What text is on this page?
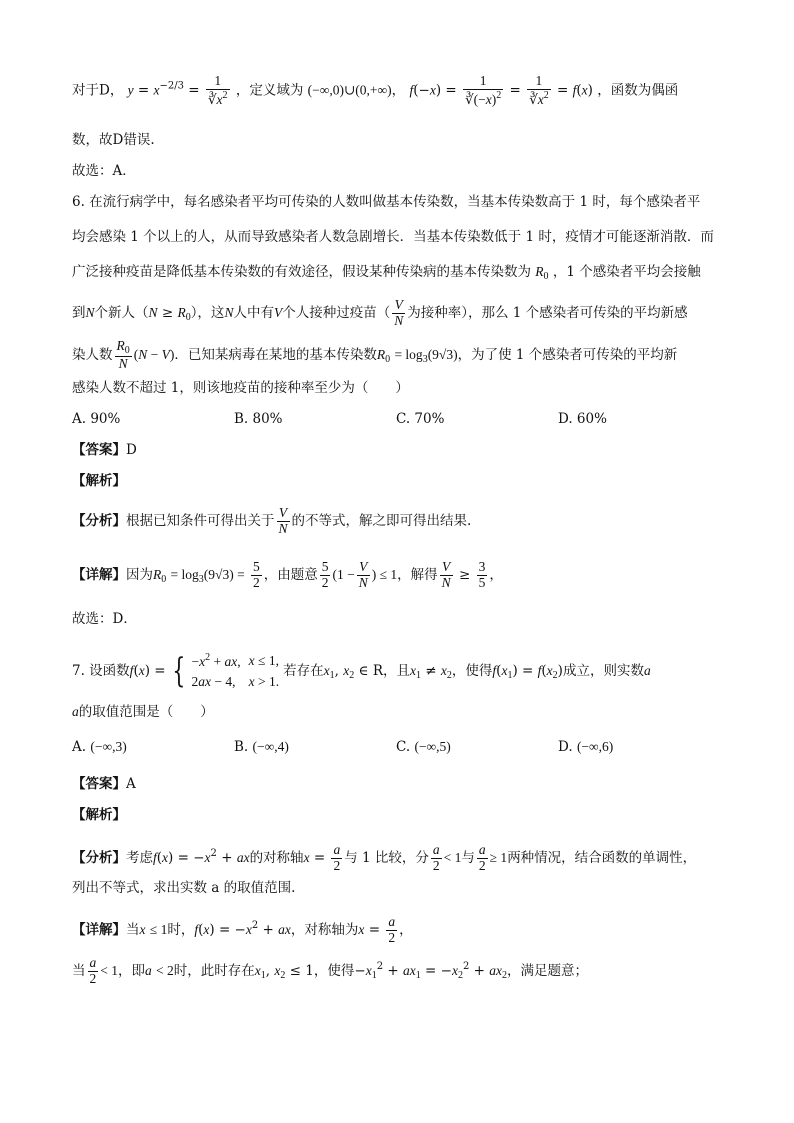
对于D， $y = x^{-2/3} = \frac{1}{∛x^2}$ ，定义域为 (−∞,0)∪(0,+∞)， $f(-x) = \frac{1}{∛(-x)^2} = \frac{1}{∛x^2} = f(x)$ ，函数为偶函
数，故D错误.
故选：A．
6. 在流行病学中，每名感染者平均可传染的人数叫做基本传染数，当基本传染数高于 1 时，每个感染者平
均会感染 1 个以上的人，从而导致感染者人数急剧增长．当基本传染数低于 1 时，疫情才可能逐渐消散．而
广泛接种疫苗是降低基本传染数的有效途径，假设某种传染病的基本传染数为 $R_0$ ，1 个感染者平均会接触
到N个新人$(N \ge R_0)$，这N人中有V个人接种过疫苗（ $\frac{V}{N}$ 为接种率），那么 1 个感染者可传染的平均新感
染人数 $\frac{R_0}{N} (N - V)$．已知某病毒在某地的基本传染数$R_0 = \log_3(9√3)$，为了使 1 个感染者可传染的平均新
感染人数不超过 1，则该地疫苗的接种率至少为（　　）
A. 90%	B. 80%	C. 70%	D. 60%
【答案】D
【解析】
【分析】根据已知条件可得出关于 $\frac{V}{N}$ 的不等式，解之即可得出结果.
【详解】因为$R_0 = \log_3(9√3) = \frac{5}{2}$ ，由题意 $\frac{5}{2} (1 - \frac{V}{N}$ ) ≤ 1，解得 $\frac{V}{N} \ge \frac{3}{5}$ ，
故选：D．
7. 设函数f(x) = { $-x^2$ + ax,	x ≤ 1,
2ax − 4,	x > 1.若存在$x_1$, $x_2$ ∈ R，且$x_1 \ne x_2$，使得$f(x_1) = f(x_2)$成立，则实数a
a的取值范围是（　　）
A. (−∞,3)	B. (−∞,4)	C. (−∞,5)	D. (−∞,6)
【答案】A
【解析】
【分析】考虑$f(x) = -x^2$ + ax的对称轴$x = \frac{a}{2}$ 与 1 比较，分 $\frac{a}{2} < 1$与 $\frac{a}{2} \ge 1$两种情况，结合函数的单调性，
列出不等式，求出实数 a 的取值范围.
【详解】当x ≤ 1时，$f(x) = -x^2$ + ax，对称轴为$x = \frac{a}{2}$ ，
当 $\frac{a}{2} < 1$，即a < 2时，此时存在$x_1$, $x_2 \le 1$，使得$-x_1^2 + ax_1 = -x_2^2 + ax_2$，满足题意；
